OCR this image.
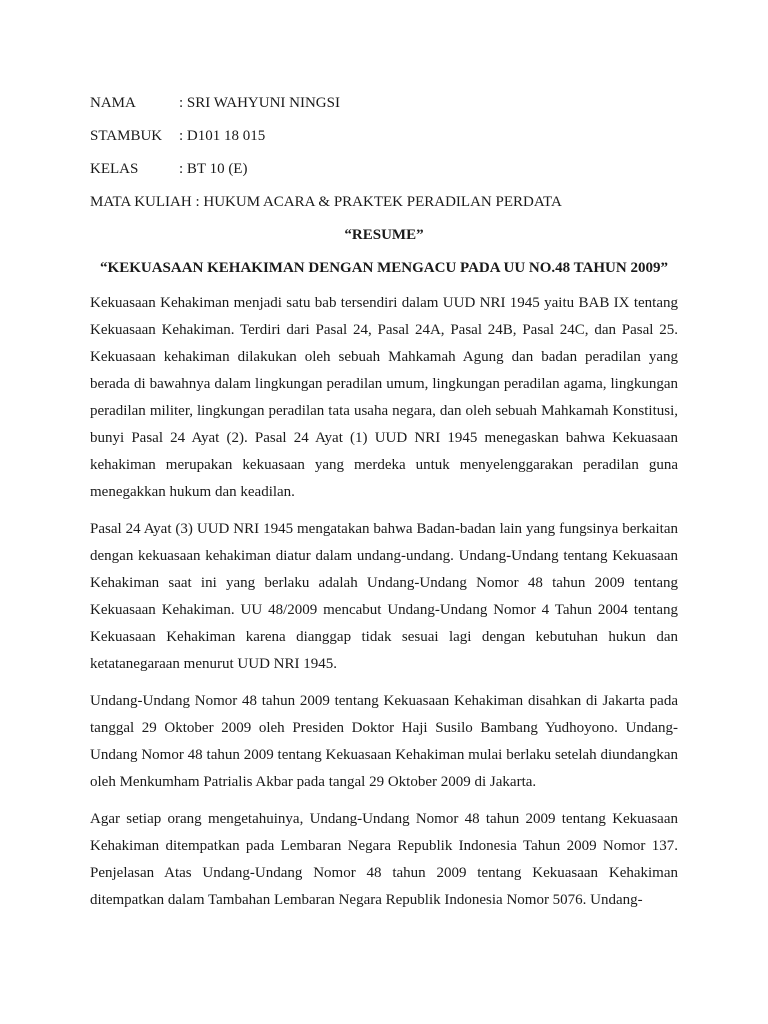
NAMA	: SRI WAHYUNI NINGSI
STAMBUK	: D101 18 015
KELAS	: BT 10 (E)
MATA KULIAH : HUKUM ACARA & PRAKTEK PERADILAN PERDATA
“RESUME”
“KEKUASAAN KEHAKIMAN DENGAN MENGACU PADA UU NO.48 TAHUN 2009”

Kekuasaan Kehakiman menjadi satu bab tersendiri dalam UUD NRI 1945 yaitu BAB IX tentang Kekuasaan Kehakiman. Terdiri dari Pasal 24, Pasal 24A, Pasal 24B, Pasal 24C, dan Pasal 25. Kekuasaan kehakiman dilakukan oleh sebuah Mahkamah Agung dan badan peradilan yang berada di bawahnya dalam lingkungan peradilan umum, lingkungan peradilan agama, lingkungan peradilan militer, lingkungan peradilan tata usaha negara, dan oleh sebuah Mahkamah Konstitusi, bunyi Pasal 24 Ayat (2). Pasal 24 Ayat (1) UUD NRI 1945 menegaskan bahwa Kekuasaan kehakiman merupakan kekuasaan yang merdeka untuk menyelenggarakan peradilan guna menegakkan hukum dan keadilan.

Pasal 24 Ayat (3) UUD NRI 1945 mengatakan bahwa Badan-badan lain yang fungsinya berkaitan dengan kekuasaan kehakiman diatur dalam undang-undang. Undang-Undang tentang Kekuasaan Kehakiman saat ini yang berlaku adalah Undang-Undang Nomor 48 tahun 2009 tentang Kekuasaan Kehakiman. UU 48/2009 mencabut Undang-Undang Nomor 4 Tahun 2004 tentang Kekuasaan Kehakiman karena dianggap tidak sesuai lagi dengan kebutuhan hukun dan ketatanegaraan menurut UUD NRI 1945.

Undang-Undang Nomor 48 tahun 2009 tentang Kekuasaan Kehakiman disahkan di Jakarta pada tanggal 29 Oktober 2009 oleh Presiden Doktor Haji Susilo Bambang Yudhoyono. Undang-Undang Nomor 48 tahun 2009 tentang Kekuasaan Kehakiman mulai berlaku setelah diundangkan oleh Menkumham Patrialis Akbar pada tangal 29 Oktober 2009 di Jakarta.

Agar setiap orang mengetahuinya, Undang-Undang Nomor 48 tahun 2009 tentang Kekuasaan Kehakiman ditempatkan pada Lembaran Negara Republik Indonesia Tahun 2009 Nomor 137. Penjelasan Atas Undang-Undang Nomor 48 tahun 2009 tentang Kekuasaan Kehakiman ditempatkan dalam Tambahan Lembaran Negara Republik Indonesia Nomor 5076. Undang-
